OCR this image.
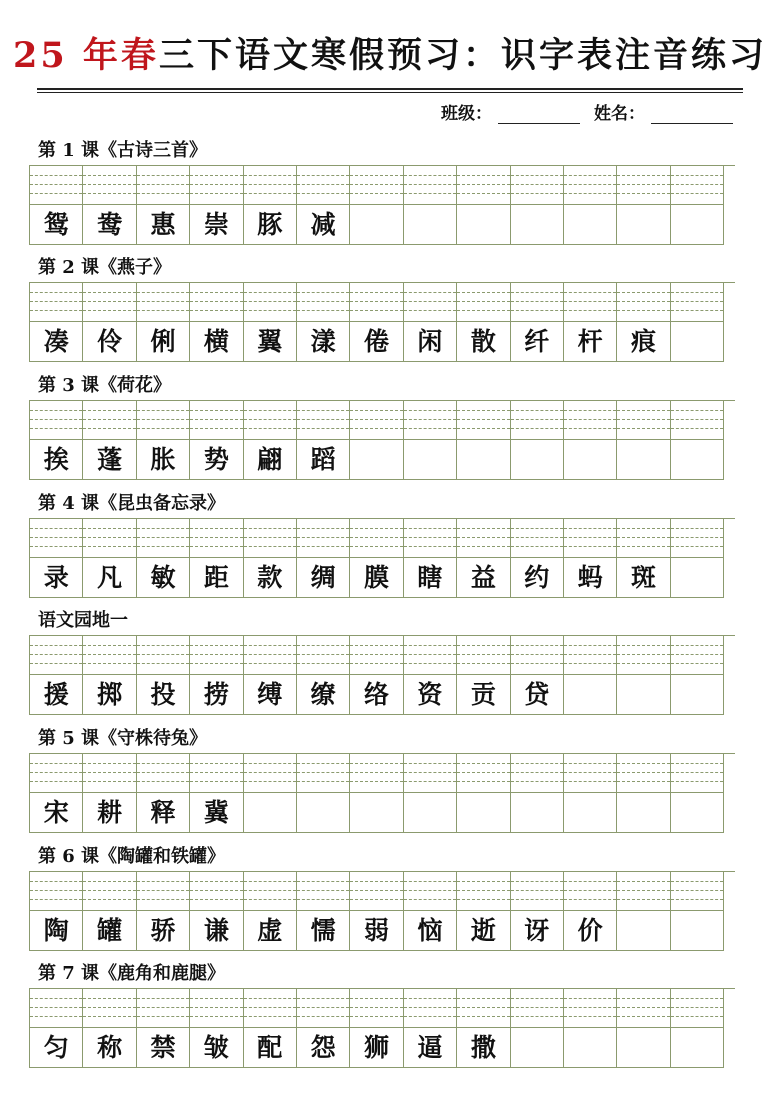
25 年春三下语文寒假预习：识字表注音练习
班级：	姓名：
第 1 课《古诗三首》
鸳	鸯	惠	崇	豚	减
第 2 课《燕子》
凑	伶	俐	横	翼	漾	倦	闲	散	纤	杆	痕
第 3 课《荷花》
挨	蓬	胀	势	翩	蹈
第 4 课《昆虫备忘录》
录	凡	敏	距	款	绸	膜	瞎	益	约	蚂	斑
语文园地一
援	掷	投	捞	缚	缭	络	资	贡	贷
第 5 课《守株待兔》
宋	耕	释	冀
第 6 课《陶罐和铁罐》
陶	罐	骄	谦	虚	懦	弱	恼	逝	讶	价
第 7 课《鹿角和鹿腿》
匀	称	禁	皱	配	怨	狮	逼	撒
